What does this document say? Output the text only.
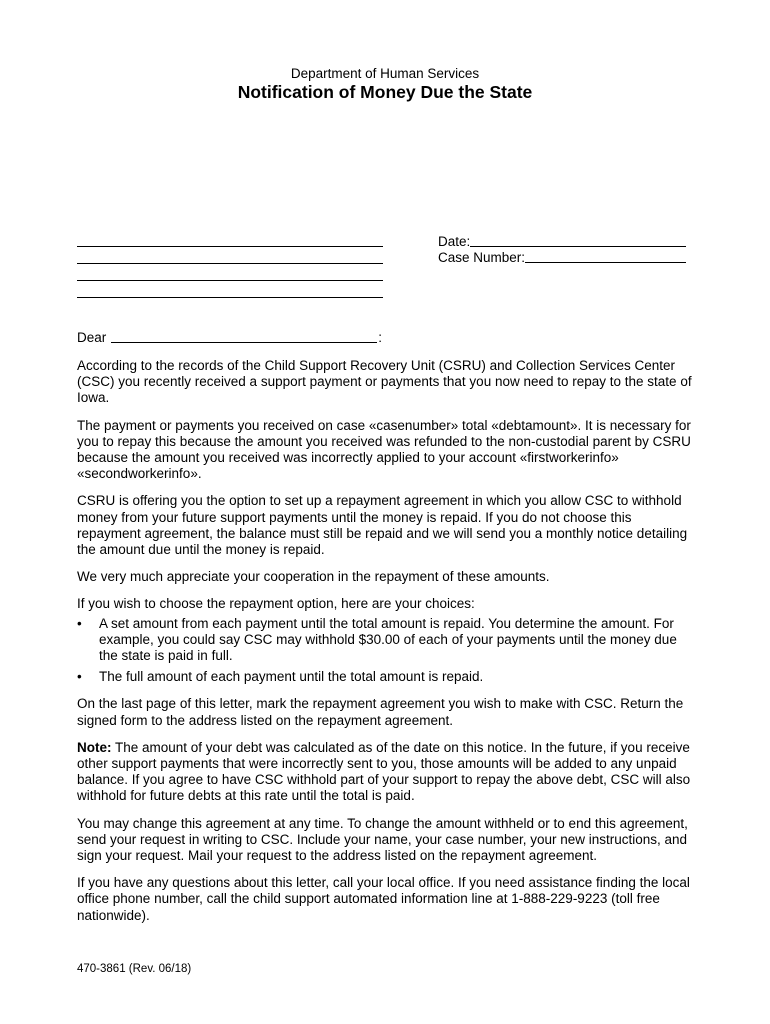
Department of Human Services
Notification of Money Due the State
Date:
Case Number:
Dear	:

According to the records of the Child Support Recovery Unit (CSRU) and Collection Services Center (CSC) you recently received a support payment or payments that you now need to repay to the state of Iowa.

The payment or payments you received on case «casenumber» total «debtamount». It is necessary for you to repay this because the amount you received was refunded to the non-custodial parent by CSRU because the amount you received was incorrectly applied to your account «firstworkerinfo» «secondworkerinfo».

CSRU is offering you the option to set up a repayment agreement in which you allow CSC to withhold money from your future support payments until the money is repaid. If you do not choose this repayment agreement, the balance must still be repaid and we will send you a monthly notice detailing the amount due until the money is repaid.

We very much appreciate your cooperation in the repayment of these amounts.

If you wish to choose the repayment option, here are your choices:

• A set amount from each payment until the total amount is repaid. You determine the amount. For example, you could say CSC may withhold $30.00 of each of your payments until the money due the state is paid in full.
• The full amount of each payment until the total amount is repaid.

On the last page of this letter, mark the repayment agreement you wish to make with CSC. Return the signed form to the address listed on the repayment agreement.

Note: The amount of your debt was calculated as of the date on this notice. In the future, if you receive other support payments that were incorrectly sent to you, those amounts will be added to any unpaid balance. If you agree to have CSC withhold part of your support to repay the above debt, CSC will also withhold for future debts at this rate until the total is paid.

You may change this agreement at any time. To change the amount withheld or to end this agreement, send your request in writing to CSC. Include your name, your case number, your new instructions, and sign your request. Mail your request to the address listed on the repayment agreement.

If you have any questions about this letter, call your local office. If you need assistance finding the local office phone number, call the child support automated information line at 1-888-229-9223 (toll free nationwide).

470-3861 (Rev. 06/18)
